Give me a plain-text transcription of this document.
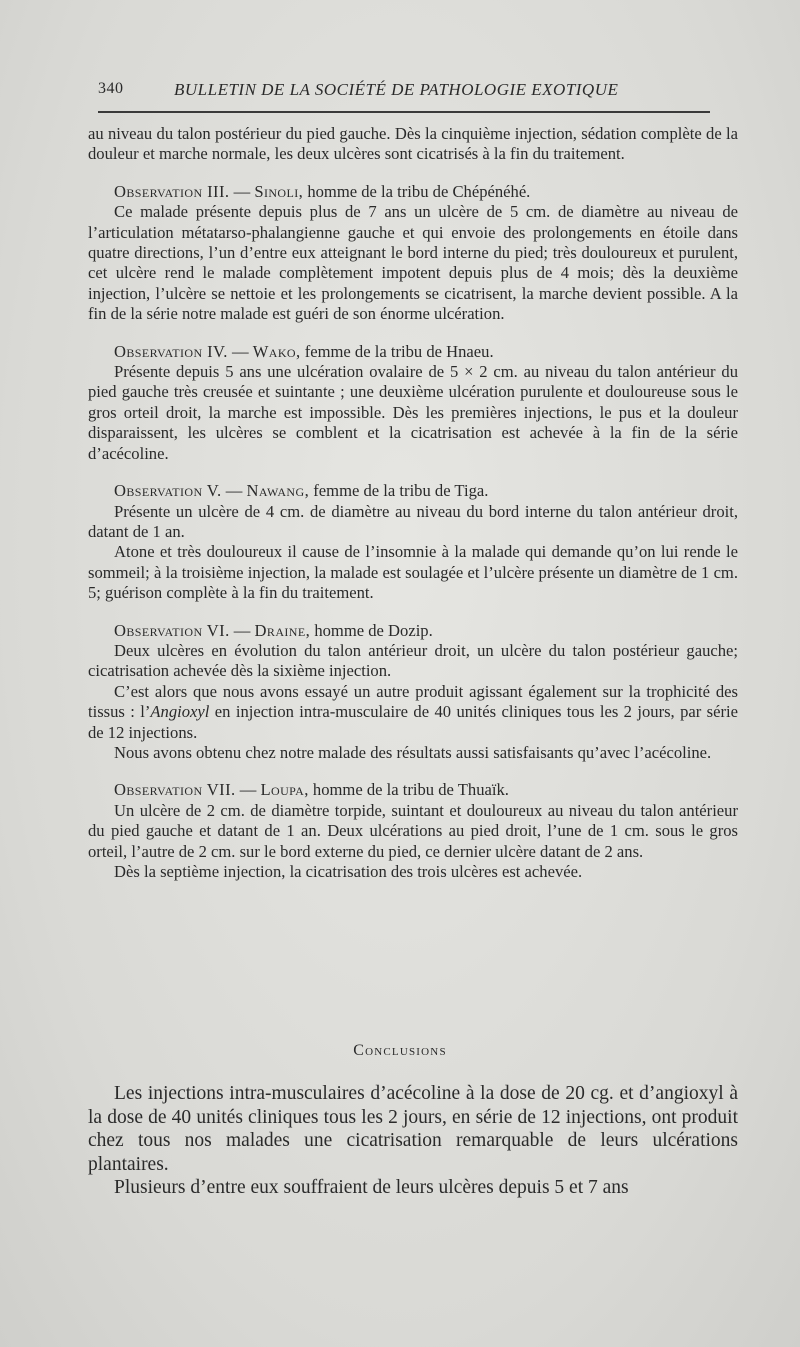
340	BULLETIN DE LA SOCIÉTÉ DE PATHOLOGIE EXOTIQUE

au niveau du talon postérieur du pied gauche. Dès la cinquième injection, sédation complète de la douleur et marche normale, les deux ulcères sont cicatrisés à la fin du traitement.

Observation III. — Sinoli, homme de la tribu de Chépénéhé.

Ce malade présente depuis plus de 7 ans un ulcère de 5 cm. de diamètre au niveau de l’articulation métatarso-phalangienne gauche et qui envoie des prolongements en étoile dans quatre directions, l’un d’entre eux atteignant le bord interne du pied; très douloureux et purulent, cet ulcère rend le malade complètement impotent depuis plus de 4 mois; dès la deuxième injection, l’ulcère se nettoie et les prolongements se cicatrisent, la marche devient possible. A la fin de la série notre malade est guéri de son énorme ulcération.

Observation IV. — Wako, femme de la tribu de Hnaeu.

Présente depuis 5 ans une ulcération ovalaire de 5 × 2 cm. au niveau du talon antérieur du pied gauche très creusée et suintante ; une deuxième ulcération purulente et douloureuse sous le gros orteil droit, la marche est impossible. Dès les premières injections, le pus et la douleur disparaissent, les ulcères se comblent et la cicatrisation est achevée à la fin de la série d’acécoline.

Observation V. — Nawang, femme de la tribu de Tiga.

Présente un ulcère de 4 cm. de diamètre au niveau du bord interne du talon antérieur droit, datant de 1 an.

Atone et très douloureux il cause de l’insomnie à la malade qui demande qu’on lui rende le sommeil; à la troisième injection, la malade est soulagée et l’ulcère présente un diamètre de 1 cm. 5; guérison complète à la fin du traitement.

Observation VI. — Draine, homme de Dozip.

Deux ulcères en évolution du talon antérieur droit, un ulcère du talon postérieur gauche; cicatrisation achevée dès la sixième injection.

C’est alors que nous avons essayé un autre produit agissant également sur la trophicité des tissus : l’Angioxyl en injection intra-musculaire de 40 unités cliniques tous les 2 jours, par série de 12 injections.

Nous avons obtenu chez notre malade des résultats aussi satisfaisants qu’avec l’acécoline.

Observation VII. — Loupa, homme de la tribu de Thuaïk.

Un ulcère de 2 cm. de diamètre torpide, suintant et douloureux au niveau du talon antérieur du pied gauche et datant de 1 an. Deux ulcérations au pied droit, l’une de 1 cm. sous le gros orteil, l’autre de 2 cm. sur le bord externe du pied, ce dernier ulcère datant de 2 ans.

Dès la septième injection, la cicatrisation des trois ulcères est achevée.

Conclusions

Les injections intra-musculaires d’acécoline à la dose de 20 cg. et d’angioxyl à la dose de 40 unités cliniques tous les 2 jours, en série de 12 injections, ont produit chez tous nos malades une cicatrisation remarquable de leurs ulcérations plantaires.

Plusieurs d’entre eux souffraient de leurs ulcères depuis 5 et 7 ans
